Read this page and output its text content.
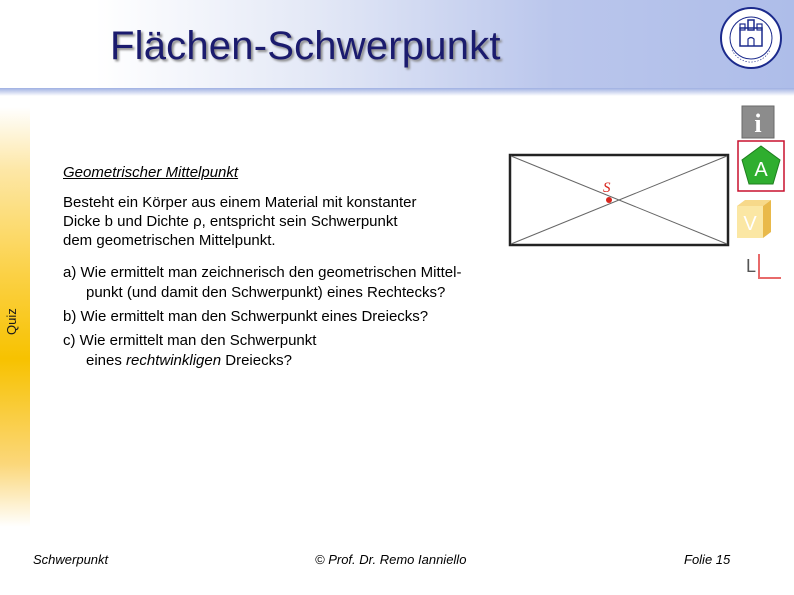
Flächen-Schwerpunkt
Quiz
Geometrischer Mittelpunkt
Besteht ein Körper aus einem Material mit konstanter
Dicke b und Dichte ρ, entspricht sein Schwerpunkt
dem geometrischen Mittelpunkt.
a) Wie ermittelt man zeichnerisch den geometrischen Mittel-
punkt (und damit den Schwerpunkt) eines Rechtecks?
b) Wie ermittelt man den Schwerpunkt eines Dreiecks?
c) Wie ermittelt man den Schwerpunkt
eines rechtwinkligen Dreiecks?
S
i
A
V
L
Schwerpunkt	© Prof. Dr. Remo Ianniello	Folie 15
